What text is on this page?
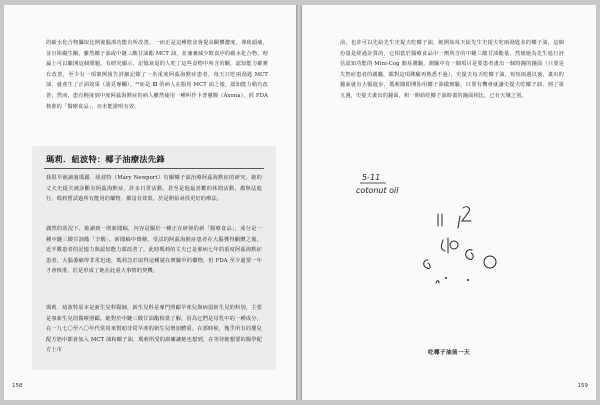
的碳水化合物攝取比例後腦部功能有所改善。一而正是這種飲食會提高酮體濃度，導致頭痛，並且阻礙生酮。雖然椰子油或中鏈三酸甘油酯 MCT 油，並兼兼減少飲食中的碳水化合物，理論上可以繼開這個問題，有研究顯示。記憶衰退的人吃了這些食物中所含的酮，認知能力確實有改善，至少有一項案例報告詳細記錄了一名重度阿茲海默症患者，每天只吃兩湯匙 MCT 油，就產生了正面效果（請見專欄）。³²而是 Ⅲ 的病人在服用 MCT 油之後，認知能力稍有改善；然而，患有輕度到中度阿茲海默症的病人雖然使用一種叫作卡普靈酸（Axona），經 FDA 核准的「醫療食品」，亦未能證明有效。

瑪莉．紐波特：椰子油療法先鋒

我很早就讀過瑪麗．紐波特（Mary Newport）有關椰子油治療阿茲海默症的研究，她的丈夫史提夫被診斷有阿茲海默症，許多日常活動，甚至是他最喜歡的休閒活動，都無法進行。瑪莉嘗試過所有能用的藥物，都沒有效果，於是開始尋找更好的療法。

偶然的狀況下，她讀到一則新聞稿，內容是關於一種正在研發的新「醫療食品」，成分是一種中鏈三酸甘油酯「辛酸」。新聞稿中聲稱，受試的阿茲海默症患者在大腦獲得酮體之後，近半數患者的記憶力與認知能力都改善了。此時瑪莉的丈夫已是罹病七年的重度阿茲海默症患者，大腦萎縮得非常迅速，瑪莉急於取得這種還在實驗中的藥物，但 FDA 至少還要一年才會核准，於是形成了她在此重大事情的契機。

瑪莉．紐波特原本是新生兒科醫師，新生兒科是專門照顧早產兒與病弱新生兒的科別，主要是事新生兒的醫療照顧。她對於中鏈三酸甘油酯相當了解，因為它們是母乳中的一種成分，在一九七〇至八〇年代常用來幫助非常早產的新生兒增加體重。在那時候，幾乎所有的嬰兒配方奶中都會加入 MCT 油和椰子油，瑪莉所受的訓練讓她也想到，在等待她想要的醫學配方上市

158

前，也許可以先給先生史提夫吃椰子油，她開始每天給先生史提夫吃兩湯匙多的椰子油，這個份量是經過計算的，它相當於醫療食品中一劑所含的中鏈三酸甘油酯量。然後她為先生進行評估認知功能的 Mini-Cog 簡易測驗，測驗中有一個項目是要患者畫出一個時鐘的鐘面（只要是失智症患者的親屬，都對這項測驗再熟悉不過），史提夫每天吃椰子油，短短兩週以後，畫出的鐘面就有大幅進步，瑪莉隨即開始用椰子油做實驗，只要有機會就讓史提夫吃椰子油，到了第五週，史提夫畫出的鐘面，和一開始吃椰子油時畫的鐘面相比，已有天壤之別。

5-11
cotonut oil
吃椰子油前一天
159
